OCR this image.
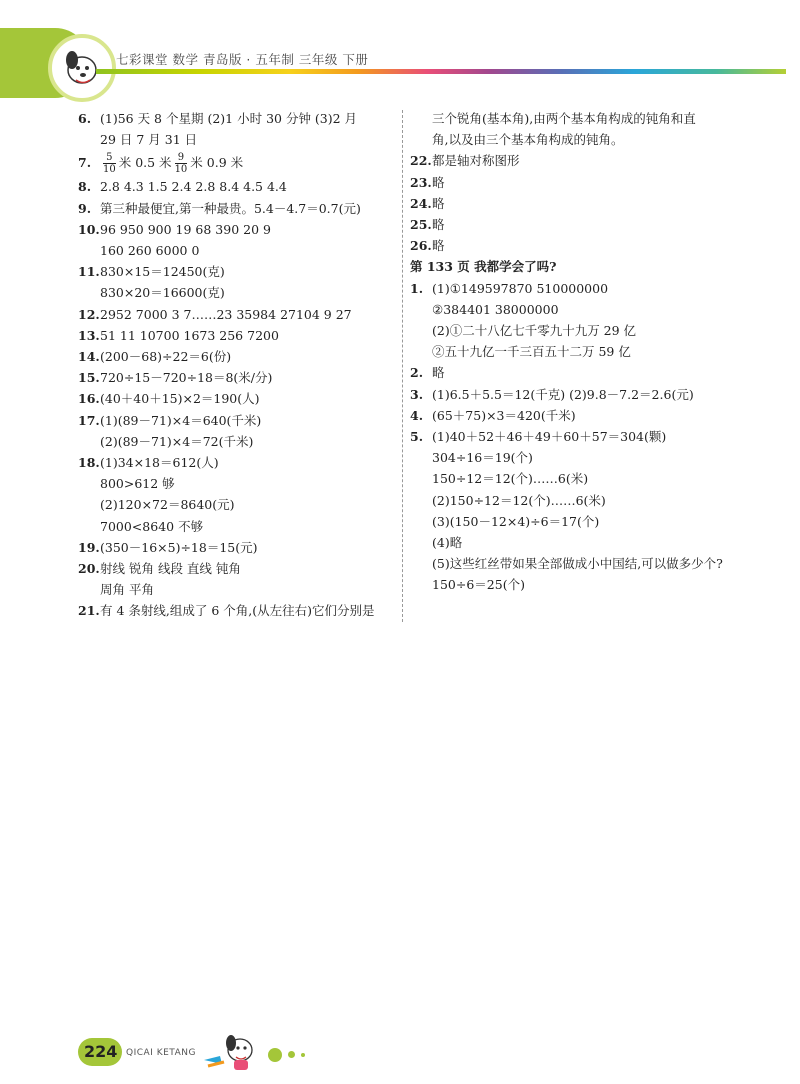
七彩课堂 数学 青岛版 · 五年制 三年级 下册
6. (1)56 天 8 个星期 (2)1 小时 30 分钟 (3)2 月
29 日 7 月 31 日
7. $\frac{5}{10}$ 米 0.5 米 $\frac{9}{10}$ 米 0.9 米
8. 2.8 4.3 1.5 2.4 2.8 8.4 4.5 4.4
9. 第三种最便宜,第一种最贵。5.4－4.7＝0.7(元)
10.96 950 900 19 68 390 20 9
160 260 6000 0
11.830×15＝12450(克)
830×20＝16600(克)
12.2952 7000 3 7……23 35984 27104 9 27
13.51 11 10700 1673 256 7200
14.(200－68)÷22＝6(份)
15.720÷15－720÷18＝8(米/分)
16.(40＋40＋15)×2＝190(人)
17.(1)(89－71)×4＝640(千米)
(2)(89－71)×4＝72(千米)
18.(1)34×18＝612(人)
800>612 够
(2)120×72＝8640(元)
7000<8640 不够
19.(350－16×5)÷18＝15(元)
20.射线 锐角 线段 直线 钝角
周角 平角
21.有 4 条射线,组成了 6 个角,(从左往右)它们分别是
三个锐角(基本角),由两个基本角构成的钝角和直
角,以及由三个基本角构成的钝角。
22.都是轴对称图形
23.略
24.略
25.略
26.略
第 133 页 我都学会了吗?
1. (1)①149597870 510000000
②384401 38000000
(2)①二十八亿七千零九十九万 29 亿
②五十九亿一千三百五十二万 59 亿
2. 略
3. (1)6.5＋5.5＝12(千克) (2)9.8－7.2＝2.6(元)
4. (65＋75)×3＝420(千米)
5. (1)40＋52＋46＋49＋60＋57＝304(颗)
304÷16＝19(个)
150÷12＝12(个)……6(米)
(2)150÷12＝12(个)……6(米)
(3)(150－12×4)÷6＝17(个)
(4)略
(5)这些红丝带如果全部做成小中国结,可以做多少个?
150÷6＝25(个)
224 QICAI KETANG
